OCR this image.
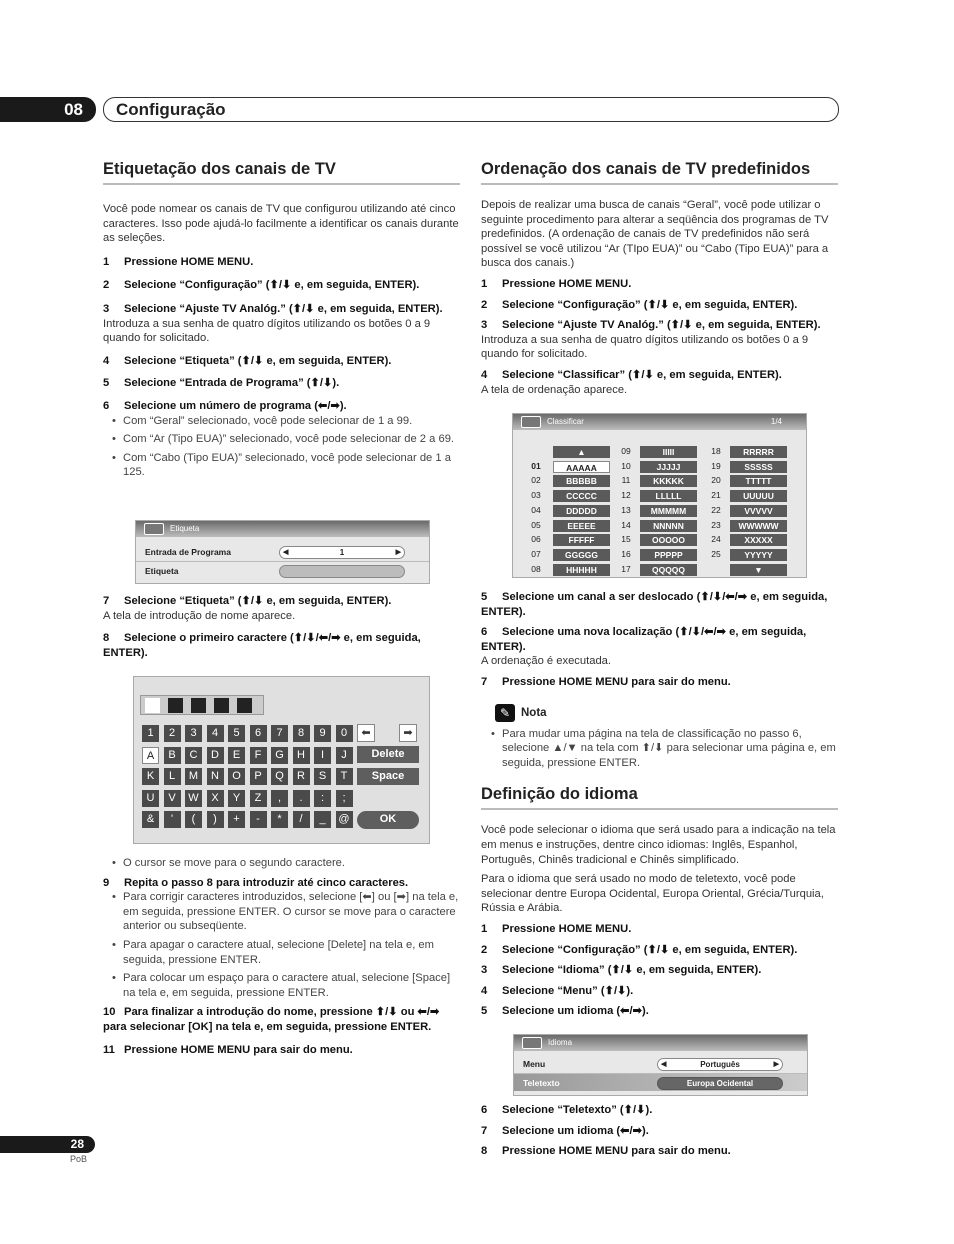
08	Configuração
Etiquetação dos canais de TV
Você pode nomear os canais de TV que configurou utilizando até cinco caracteres. Isso pode ajudá-lo facilmente a identificar os canais durante as seleções.
1 Pressione HOME MENU.
2 Selecione “Configuração” (⬆/⬇ e, em seguida, ENTER).
3 Selecione “Ajuste TV Analóg.” (⬆/⬇ e, em seguida, ENTER).
Introduza a sua senha de quatro dígitos utilizando os botões 0 a 9 quando for solicitado.
4 Selecione “Etiqueta” (⬆/⬇ e, em seguida, ENTER).
5 Selecione “Entrada de Programa” (⬆/⬇).
6 Selecione um número de programa (⬅/➡).
• Com “Geral” selecionado, você pode selecionar de 1 a 99.
• Com “Ar (Tipo EUA)” selecionado, você pode selecionar de 2 a 69.
• Com “Cabo (Tipo EUA)” selecionado, você pode selecionar de 1 a 125.
Etiqueta
Entrada de Programa	◀	1	▶
Etiqueta
7 Selecione “Etiqueta” (⬆/⬇ e, em seguida, ENTER).
A tela de introdução de nome aparece.
8 Selecione o primeiro caractere (⬆/⬇/⬅/➡ e, em seguida, ENTER).
1	2	3	4	5	6	7	8	9	0
A	B	C	D	E	F	G	H	I	J
K	L	M	N	O	P	Q	R	S	T
U	V	W	X	Y	Z	,	.	:	;
&	'	(	)	+	-	*	/	_	@
⬅	➡
Delete
Space
OK
• O cursor se move para o segundo caractere.
9 Repita o passo 8 para introduzir até cinco caracteres.
• Para corrigir caracteres introduzidos, selecione [⬅] ou [➡] na tela e, em seguida, pressione ENTER. O cursor se move para o caractere anterior ou subseqüente.
• Para apagar o caractere atual, selecione [Delete] na tela e, em seguida, pressione ENTER.
• Para colocar um espaço para o caractere atual, selecione [Space] na tela e, em seguida, pressione ENTER.
10 Para finalizar a introdução do nome, pressione ⬆/⬇ ou ⬅/➡ para selecionar [OK] na tela e, em seguida, pressione ENTER.
11 Pressione HOME MENU para sair do menu.
Ordenação dos canais de TV predefinidos
Depois de realizar uma busca de canais “Geral”, você pode utilizar o seguinte procedimento para alterar a seqüência dos programas de TV predefinidos. (A ordenação de canais de TV predefinidos não será possível se você utilizou “Ar (TIpo EUA)” ou “Cabo (Tipo EUA)” para a busca dos canais.)
1 Pressione HOME MENU.
2 Selecione “Configuração” (⬆/⬇ e, em seguida, ENTER).
3 Selecione “Ajuste TV Analóg.” (⬆/⬇ e, em seguida, ENTER).
Introduza a sua senha de quatro dígitos utilizando os botões 0 a 9 quando for solicitado.
4 Selecione “Classificar” (⬆/⬇ e, em seguida, ENTER).
A tela de ordenação aparece.
Classificar	1/4
▲
01	AAAAA
02	BBBBB
03	CCCCC
04	DDDDD
05	EEEEE
06	FFFFF
07	GGGGG
08	HHHHH
09	IIIII
10	JJJJJ
11	KKKKK
12	LLLLL
13	MMMMM
14	NNNNN
15	OOOOO
16	PPPPP
17	QQQQQ
18	RRRRR
19	SSSSS
20	TTTTT
21	UUUUU
22	VVVVV
23	WWWWW
24	XXXXX
25	YYYYY
▼
5 Selecione um canal a ser deslocado (⬆/⬇/⬅/➡ e, em seguida, ENTER).
6 Selecione uma nova localização (⬆/⬇/⬅/➡ e, em seguida, ENTER).
A ordenação é executada.
7 Pressione HOME MENU para sair do menu.
✎ Nota
• Para mudar uma página na tela de classificação no passo 6, selecione ▲/▼ na tela com ⬆/⬇ para selecionar uma página e, em seguida, pressione ENTER.
Definição do idioma
Você pode selecionar o idioma que será usado para a indicação na tela em menus e instruções, dentre cinco idiomas: Inglês, Espanhol, Português, Chinês tradicional e Chinês simplificado.
Para o idioma que será usado no modo de teletexto, você pode selecionar dentre Europa Ocidental, Europa Oriental, Grécia/Turquia, Rússia e Arábia.
1 Pressione HOME MENU.
2 Selecione “Configuração” (⬆/⬇ e, em seguida, ENTER).
3 Selecione “Idioma” (⬆/⬇ e, em seguida, ENTER).
4 Selecione “Menu” (⬆/⬇).
5 Selecione um idioma (⬅/➡).
Idioma
Menu	◀	Português	▶
Teletexto	Europa Ocidental
6 Selecione “Teletexto” (⬆/⬇).
7 Selecione um idioma (⬅/➡).
8 Pressione HOME MENU para sair do menu.
28
PoB
